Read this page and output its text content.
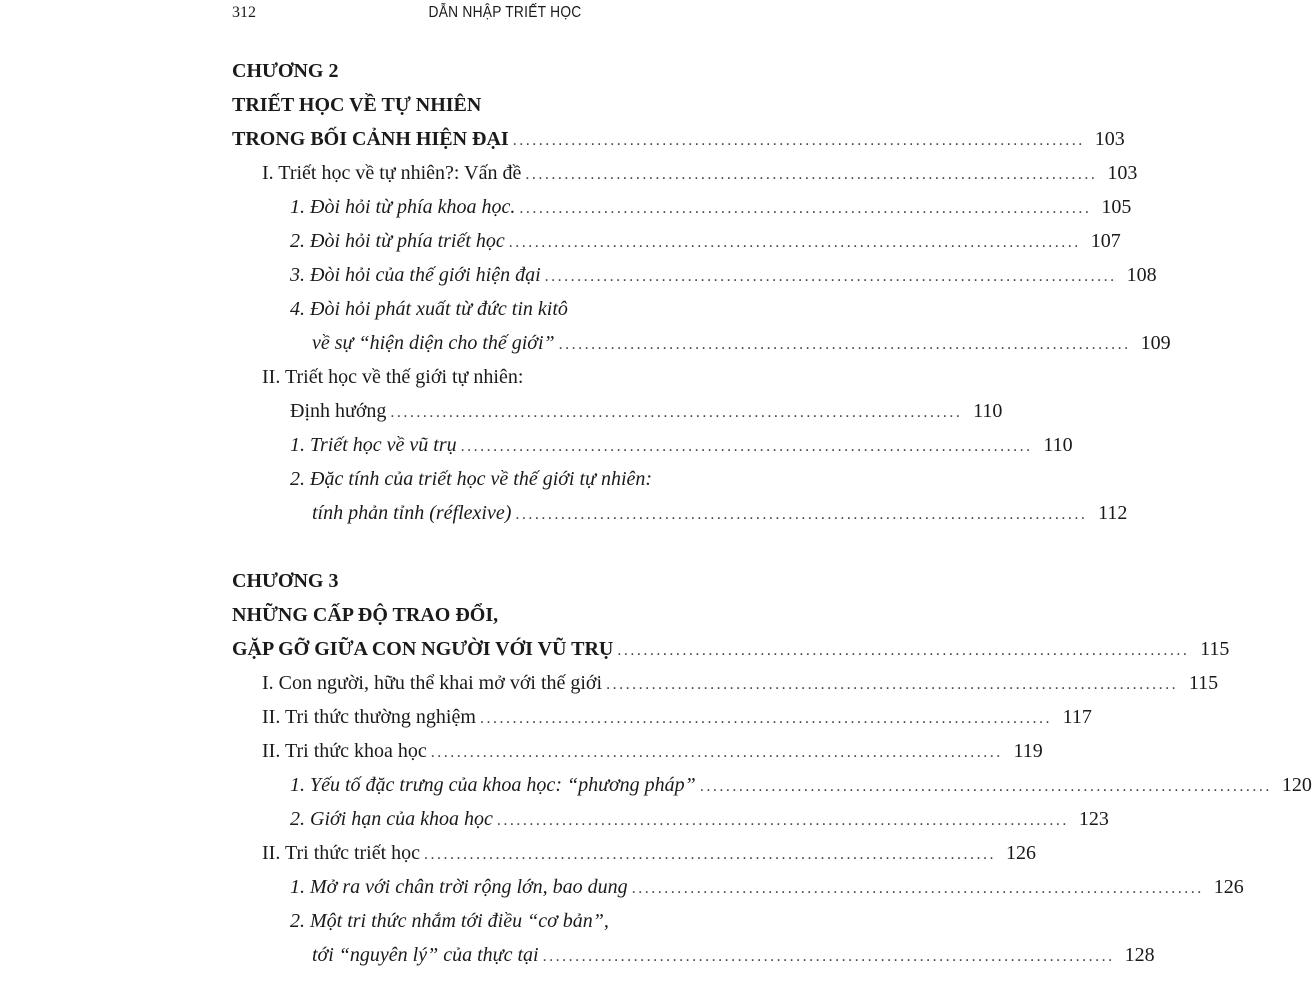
312	DẪN NHẬP TRIẾT HỌC
CHƯƠNG 2
TRIẾT HỌC VỀ TỰ NHIÊN
TRONG BỐI CẢNH HIỆN ĐẠI ........................................................................................ 103
I. Triết học về tự nhiên?: Vấn đề ........................................................................................ 103
1. Đòi hỏi từ phía khoa học. ........................................................................................ 105
2. Đòi hỏi từ phía triết học ........................................................................................ 107
3. Đòi hỏi của thế giới hiện đại ........................................................................................ 108
4. Đòi hỏi phát xuất từ đức tin kitô
về sự “hiện diện cho thế giới” ........................................................................................ 109
II. Triết học về thế giới tự nhiên:
Định hướng ........................................................................................ 110
1. Triết học về vũ trụ ........................................................................................ 110
2. Đặc tính của triết học về thế giới tự nhiên:
tính phản tỉnh (réflexive) ........................................................................................ 112
CHƯƠNG 3
NHỮNG CẤP ĐỘ TRAO ĐỔI,
GẶP GỠ GIỮA CON NGƯỜI VỚI VŨ TRỤ ........................................................................................ 115
I. Con người, hữu thể khai mở với thế giới ........................................................................................ 115
II. Tri thức thường nghiệm ........................................................................................ 117
II. Tri thức khoa học ........................................................................................ 119
1. Yếu tố đặc trưng của khoa học: “phương pháp” ........................................................................................ 120
2. Giới hạn của khoa học ........................................................................................ 123
II. Tri thức triết học ........................................................................................ 126
1. Mở ra với chân trời rộng lớn, bao dung ........................................................................................ 126
2. Một tri thức nhắm tới điều “cơ bản”,
tới “nguyên lý” của thực tại ........................................................................................ 128
